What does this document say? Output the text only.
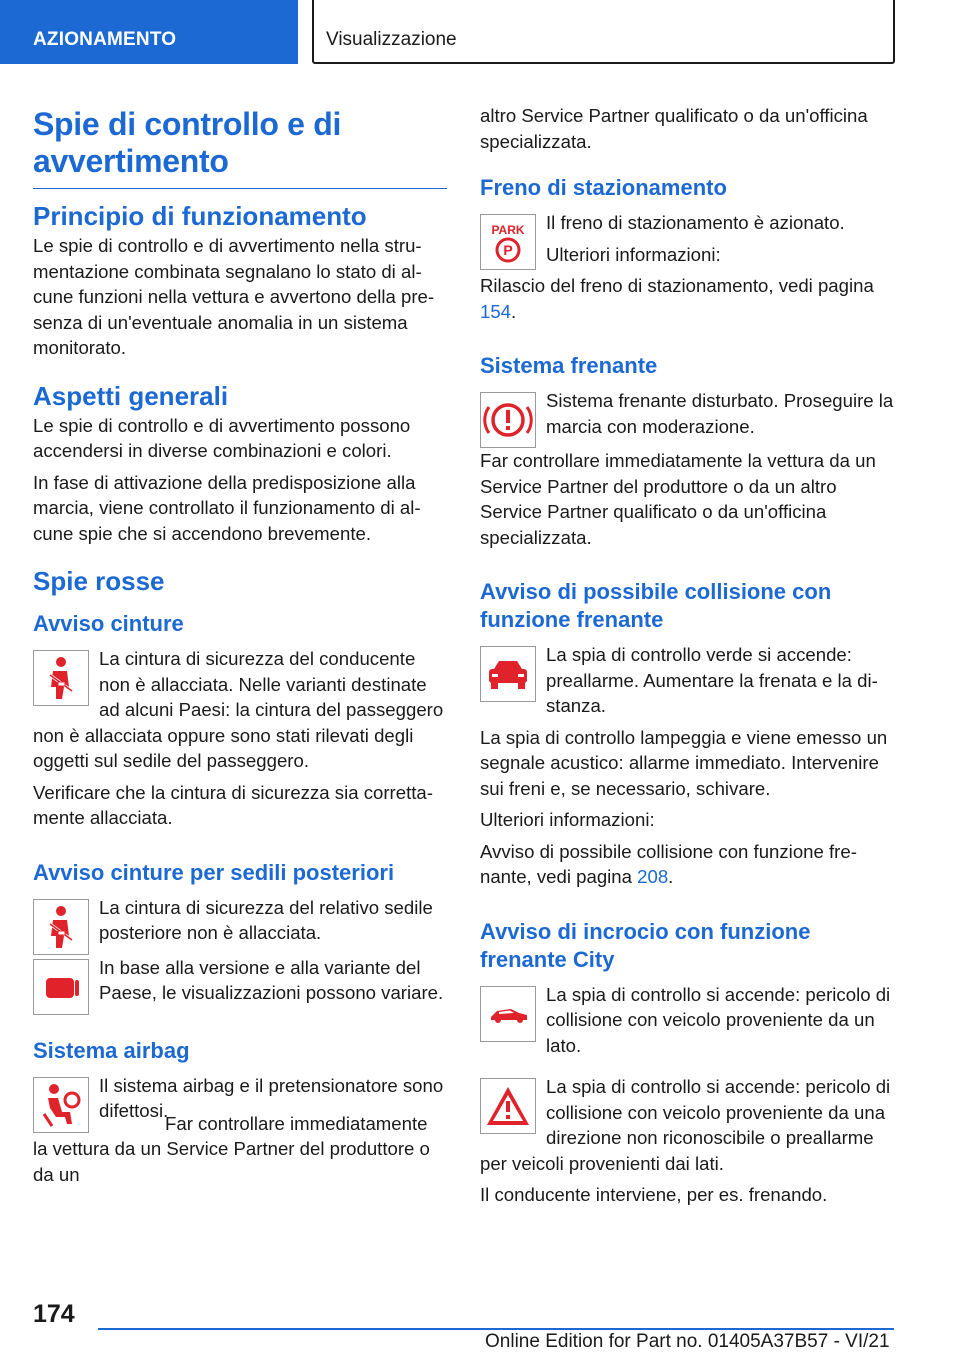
AZIONAMENTO	Visualizzazione
Spie di controllo e di avvertimento
Principio di funzionamento

Le spie di controllo e di avvertimento nella strumentazione combinata segnalano lo stato di alcune funzioni nella vettura e avvertono della presenza di un'eventuale anomalia in un sistema monitorato.

Aspetti generali

Le spie di controllo e di avvertimento possono accendersi in diverse combinazioni e colori.

In fase di attivazione della predisposizione alla marcia, viene controllato il funzionamento di alcune spie che si accendono brevemente.

Spie rosse
Avviso cinture

La cintura di sicurezza del conducente non è allacciata. Nelle varianti destinate ad alcuni Paesi: la cintura del passeggero non è allacciata oppure sono stati rilevati degli oggetti sul sedile del passeggero.

Verificare che la cintura di sicurezza sia correttamente allacciata.

Avviso cinture per sedili posteriori

La cintura di sicurezza del relativo sedile posteriore non è allacciata.

In base alla versione e alla variante del Paese, le visualizzazioni possono variare.

Sistema airbag

Il sistema airbag e il pretensionatore sono difettosi.

Far controllare immediatamente la vettura da un Service Partner del produttore o da un

altro Service Partner qualificato o da un'officina specializzata.

Freno di stazionamento
PARK
P

Il freno di stazionamento è azionato.

Ulteriori informazioni:

Rilascio del freno di stazionamento, vedi pagina 154.

Sistema frenante

Sistema frenante disturbato. Proseguire la marcia con moderazione.

Far controllare immediatamente la vettura da un Service Partner del produttore o da un altro Service Partner qualificato o da un'officina specializzata.

Avviso di possibile collisione con funzione frenante

La spia di controllo verde si accende: preallarme. Aumentare la frenata e la distanza.

La spia di controllo lampeggia e viene emesso un segnale acustico: allarme immediato. Intervenire sui freni e, se necessario, schivare.

Ulteriori informazioni:

Avviso di possibile collisione con funzione frenante, vedi pagina 208.

Avviso di incrocio con funzione frenante City

La spia di controllo si accende: pericolo di collisione con veicolo proveniente da un lato.

La spia di controllo si accende: pericolo di collisione con veicolo proveniente da una direzione non riconoscibile o preallarme per veicoli provenienti dai lati.

Il conducente interviene, per es. frenando.

174
Online Edition for Part no. 01405A37B57 - VI/21
